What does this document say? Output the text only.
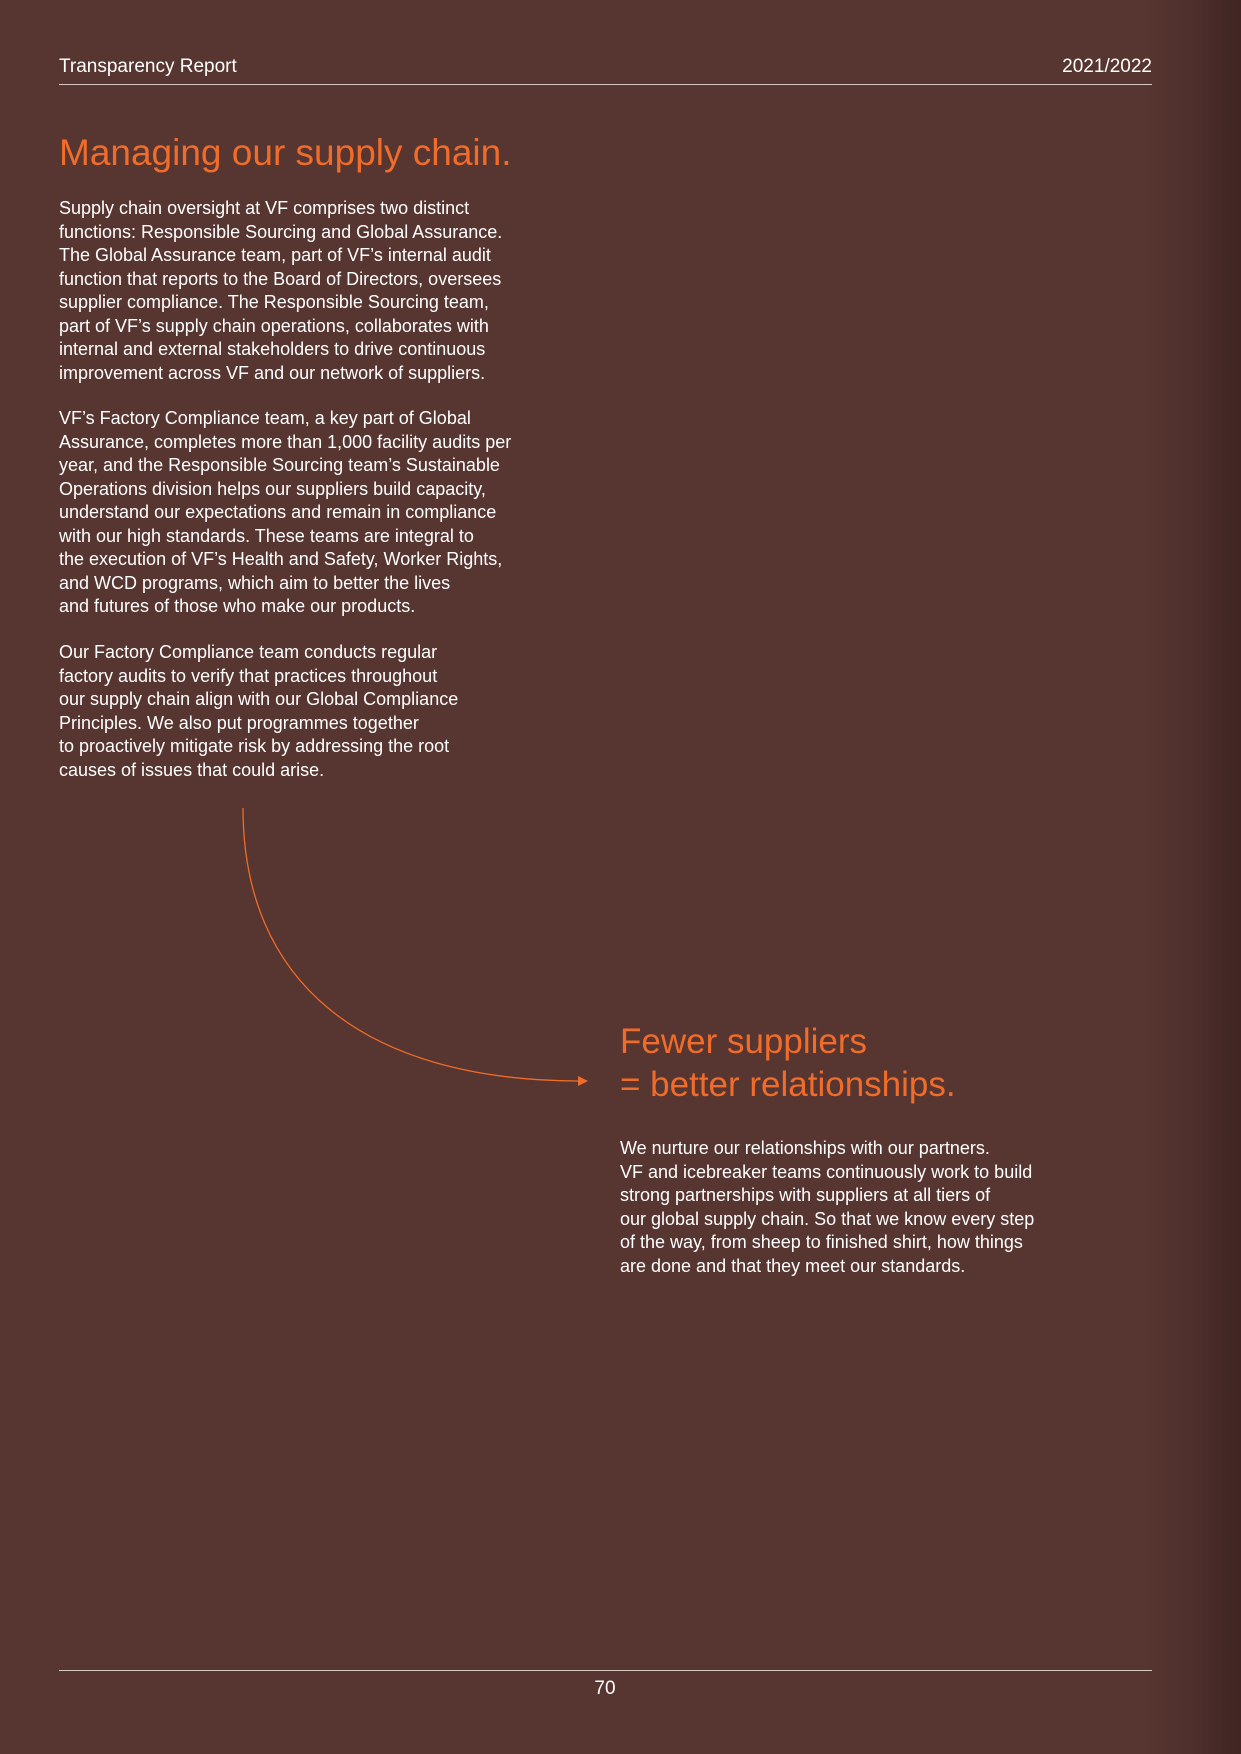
Transparency Report	2021/2022
Managing our supply chain.

Supply chain oversight at VF comprises two distinct
functions: Responsible Sourcing and Global Assurance.
The Global Assurance team, part of VF’s internal audit
function that reports to the Board of Directors, oversees
supplier compliance. The Responsible Sourcing team,
part of VF’s supply chain operations, collaborates with
internal and external stakeholders to drive continuous
improvement across VF and our network of suppliers.

VF’s Factory Compliance team, a key part of Global
Assurance, completes more than 1,000 facility audits per
year, and the Responsible Sourcing team’s Sustainable
Operations division helps our suppliers build capacity,
understand our expectations and remain in compliance
with our high standards. These teams are integral to
the execution of VF’s Health and Safety, Worker Rights,
and WCD programs, which aim to better the lives
and futures of those who make our products.

Our Factory Compliance team conducts regular
factory audits to verify that practices throughout
our supply chain align with our Global Compliance
Principles. We also put programmes together
to proactively mitigate risk by addressing the root
causes of issues that could arise.

Fewer suppliers
= better relationships.

We nurture our relationships with our partners.
VF and icebreaker teams continuously work to build
strong partnerships with suppliers at all tiers of
our global supply chain. So that we know every step
of the way, from sheep to finished shirt, how things
are done and that they meet our standards.

70
